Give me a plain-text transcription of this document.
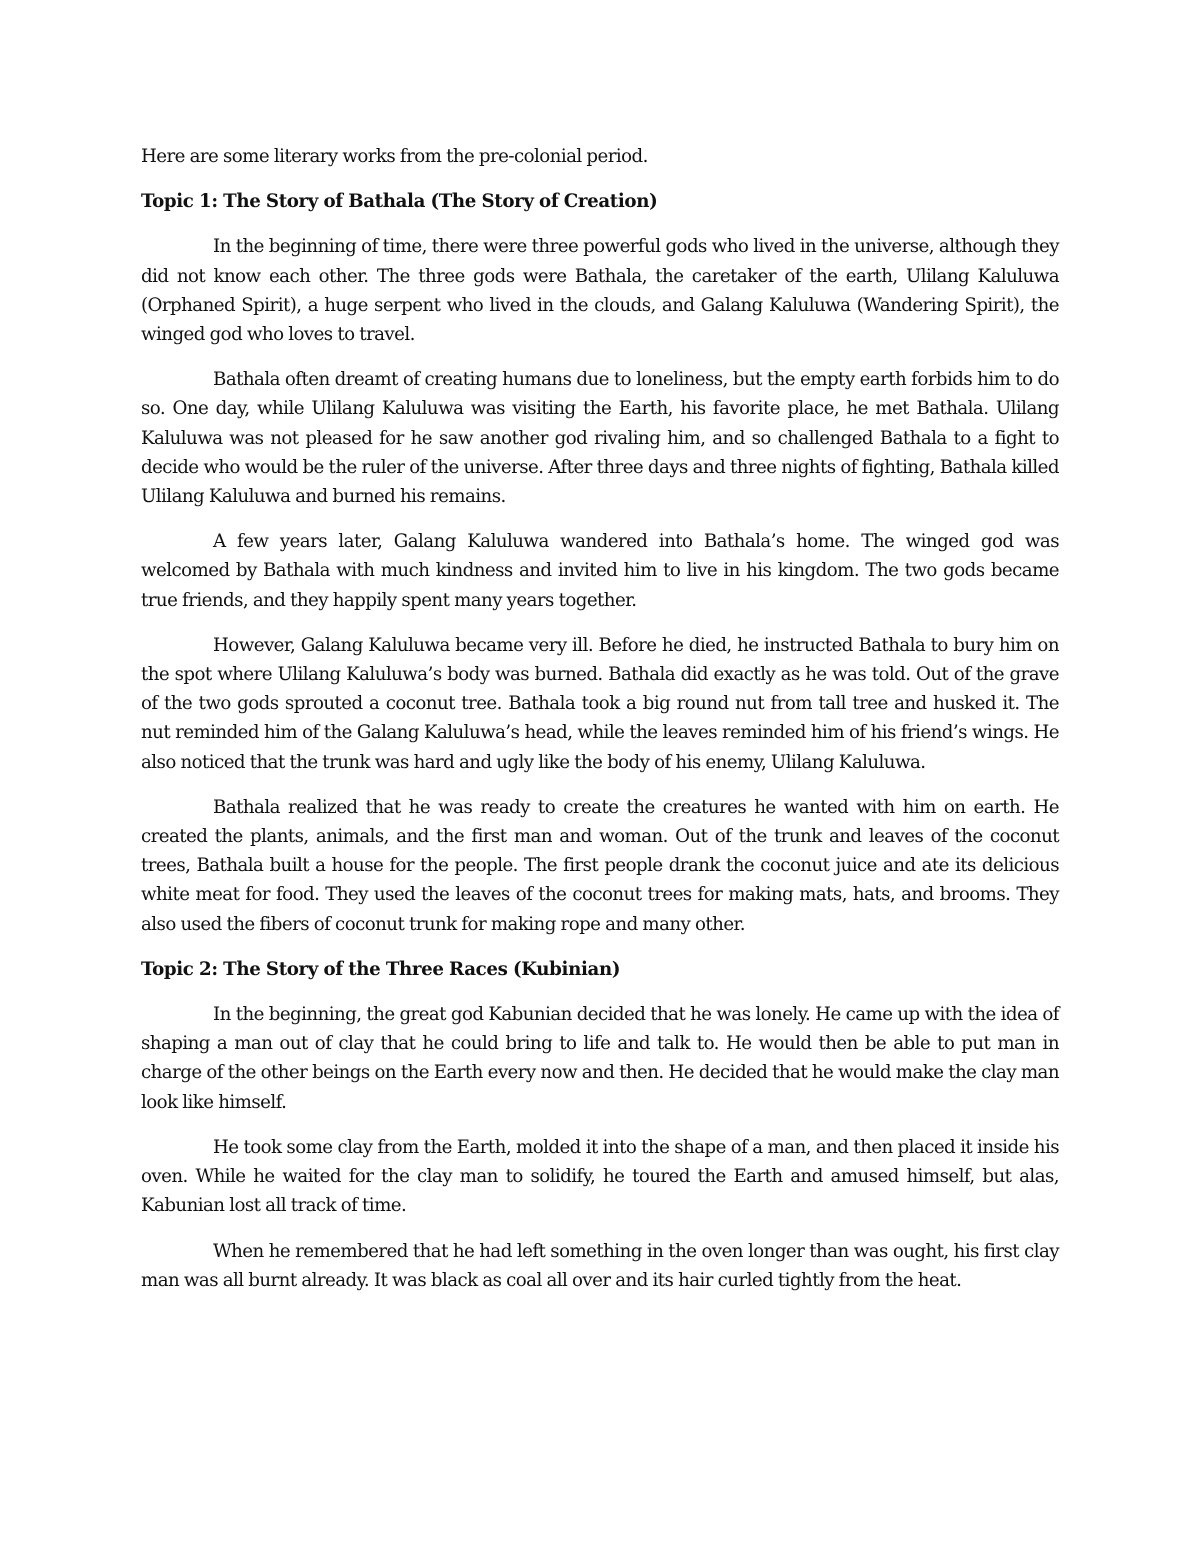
Here are some literary works from the pre-colonial period.

Topic 1: The Story of Bathala (The Story of Creation)

In the beginning of time, there were three powerful gods who lived in the universe, although they did not know each other. The three gods were Bathala, the caretaker of the earth, Ulilang Kaluluwa (Orphaned Spirit), a huge serpent who lived in the clouds, and Galang Kaluluwa (Wandering Spirit), the winged god who loves to travel.

Bathala often dreamt of creating humans due to loneliness, but the empty earth forbids him to do so. One day, while Ulilang Kaluluwa was visiting the Earth, his favorite place, he met Bathala. Ulilang Kaluluwa was not pleased for he saw another god rivaling him, and so challenged Bathala to a fight to decide who would be the ruler of the universe. After three days and three nights of fighting, Bathala killed Ulilang Kaluluwa and burned his remains.

A few years later, Galang Kaluluwa wandered into Bathala’s home. The winged god was welcomed by Bathala with much kindness and invited him to live in his kingdom. The two gods became true friends, and they happily spent many years together.

However, Galang Kaluluwa became very ill. Before he died, he instructed Bathala to bury him on the spot where Ulilang Kaluluwa’s body was burned. Bathala did exactly as he was told. Out of the grave of the two gods sprouted a coconut tree. Bathala took a big round nut from tall tree and husked it. The nut reminded him of the Galang Kaluluwa’s head, while the leaves reminded him of his friend’s wings. He also noticed that the trunk was hard and ugly like the body of his enemy, Ulilang Kaluluwa.

Bathala realized that he was ready to create the creatures he wanted with him on earth. He created the plants, animals, and the first man and woman. Out of the trunk and leaves of the coconut trees, Bathala built a house for the people. The first people drank the coconut juice and ate its delicious white meat for food. They used the leaves of the coconut trees for making mats, hats, and brooms. They also used the fibers of coconut trunk for making rope and many other.

Topic 2: The Story of the Three Races (Kubinian)

In the beginning, the great god Kabunian decided that he was lonely. He came up with the idea of shaping a man out of clay that he could bring to life and talk to. He would then be able to put man in charge of the other beings on the Earth every now and then. He decided that he would make the clay man look like himself.

He took some clay from the Earth, molded it into the shape of a man, and then placed it inside his oven. While he waited for the clay man to solidify, he toured the Earth and amused himself, but alas, Kabunian lost all track of time.

When he remembered that he had left something in the oven longer than was ought, his first clay man was all burnt already. It was black as coal all over and its hair curled tightly from the heat.
